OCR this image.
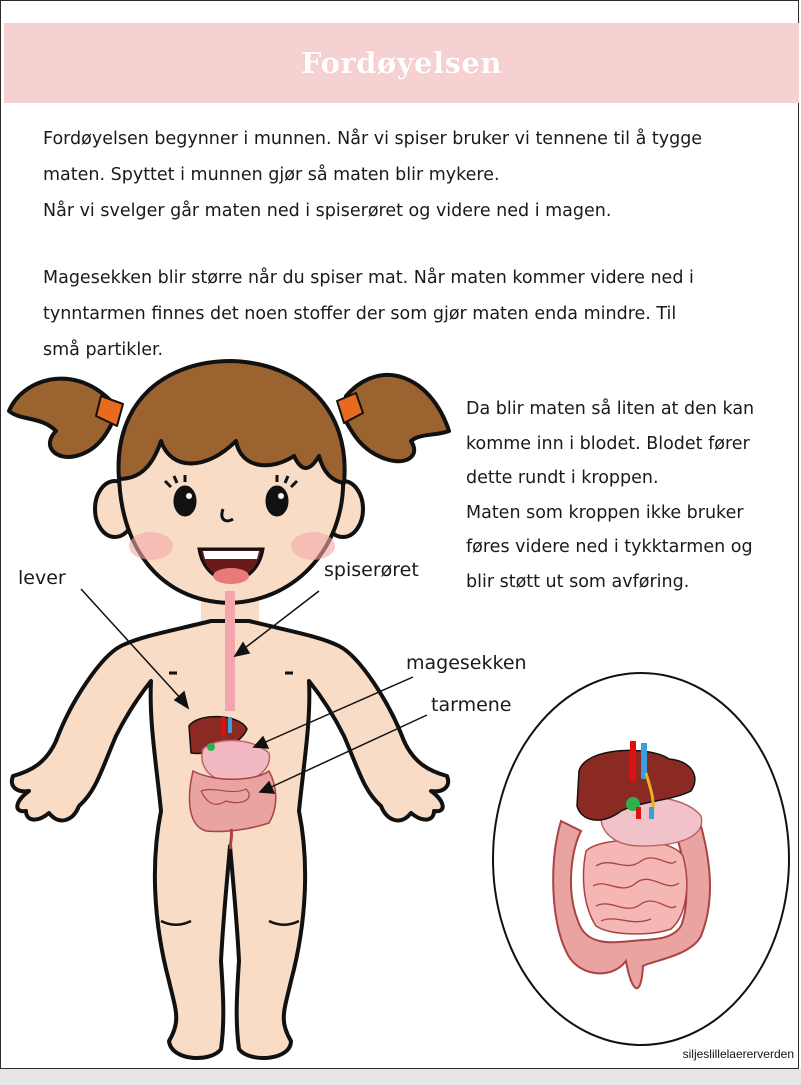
Fordøyelsen

Fordøyelsen begynner i munnen. Når vi spiser bruker vi tennene til å tygge

maten. Spyttet i munnen gjør så maten blir mykere.

Når vi svelger går maten ned i spiserøret og videre ned i magen.

Magesekken blir større når du spiser mat. Når maten kommer videre ned i

tynntarmen finnes det noen stoffer der som gjør maten enda mindre. Til

små partikler.

Da blir maten så liten at den kan

komme inn i blodet. Blodet fører

dette rundt i kroppen.

Maten som kroppen ikke bruker

føres videre ned i tykktarmen og

blir støtt ut som avføring.

lever	spiserøret
magesekken
tarmene
siljeslillelaererverden
